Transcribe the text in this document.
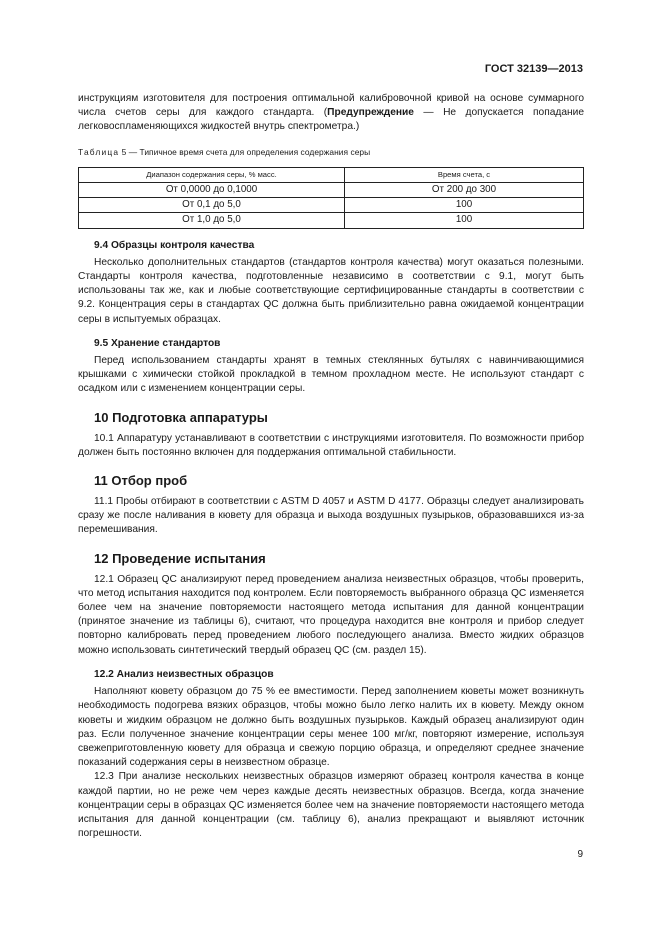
ГОСТ 32139—2013

инструкциям изготовителя для построения оптимальной калибровочной кривой на основе суммарного числа счетов серы для каждого стандарта. (Предупреждение — Не допускается попадание легковоспламеняющихся жидкостей внутрь спектрометра.)

Таблица 5 — Типичное время счета для определения содержания серы
Диапазон содержания серы, % масс.	Время счета, с
От 0,0000 до 0,1000	От 200 до 300
От 0,1 до 5,0	100
От 1,0 до 5,0	100
9.4 Образцы контроля качества

Несколько дополнительных стандартов (стандартов контроля качества) могут оказаться полезными. Стандарты контроля качества, подготовленные независимо в соответствии с 9.1, могут быть использованы так же, как и любые соответствующие сертифицированные стандарты в соответствии с 9.2. Концентрация серы в стандартах QC должна быть приблизительно равна ожидаемой концентрации серы в испытуемых образцах.

9.5 Хранение стандартов

Перед использованием стандарты хранят в темных стеклянных бутылях с навинчивающимися крышками с химически стойкой прокладкой в темном прохладном месте. Не используют стандарт с осадком или с изменением концентрации серы.

10 Подготовка аппаратуры

10.1 Аппаратуру устанавливают в соответствии с инструкциями изготовителя. По возможности прибор должен быть постоянно включен для поддержания оптимальной стабильности.

11 Отбор проб

11.1 Пробы отбирают в соответствии с ASTM D 4057 и ASTM D 4177. Образцы следует анализировать сразу же после наливания в кювету для образца и выхода воздушных пузырьков, образовавшихся из-за перемешивания.

12 Проведение испытания

12.1 Образец QC анализируют перед проведением анализа неизвестных образцов, чтобы проверить, что метод испытания находится под контролем. Если повторяемость выбранного образца QC изменяется более чем на значение повторяемости настоящего метода испытания для данной концентрации (принятое значение из таблицы 6), считают, что процедура находится вне контроля и прибор следует повторно калибровать перед проведением любого последующего анализа. Вместо жидких образцов можно использовать синтетический твердый образец QC (см. раздел 15).

12.2 Анализ неизвестных образцов

Наполняют кювету образцом до 75 % ее вместимости. Перед заполнением кюветы может возникнуть необходимость подогрева вязких образцов, чтобы можно было легко налить их в кювету. Между окном кюветы и жидким образцом не должно быть воздушных пузырьков. Каждый образец анализируют один раз. Если полученное значение концентрации серы менее 100 мг/кг, повторяют измерение, используя свежеприготовленную кювету для образца и свежую порцию образца, и определяют среднее значение показаний содержания серы в неизвестном образце.

12.3 При анализе нескольких неизвестных образцов измеряют образец контроля качества в конце каждой партии, но не реже чем через каждые десять неизвестных образцов. Всегда, когда значение концентрации серы в образцах QC изменяется более чем на значение повторяемости настоящего метода испытания для данной концентрации (см. таблицу 6), анализ прекращают и выявляют источник погрешности.

9
